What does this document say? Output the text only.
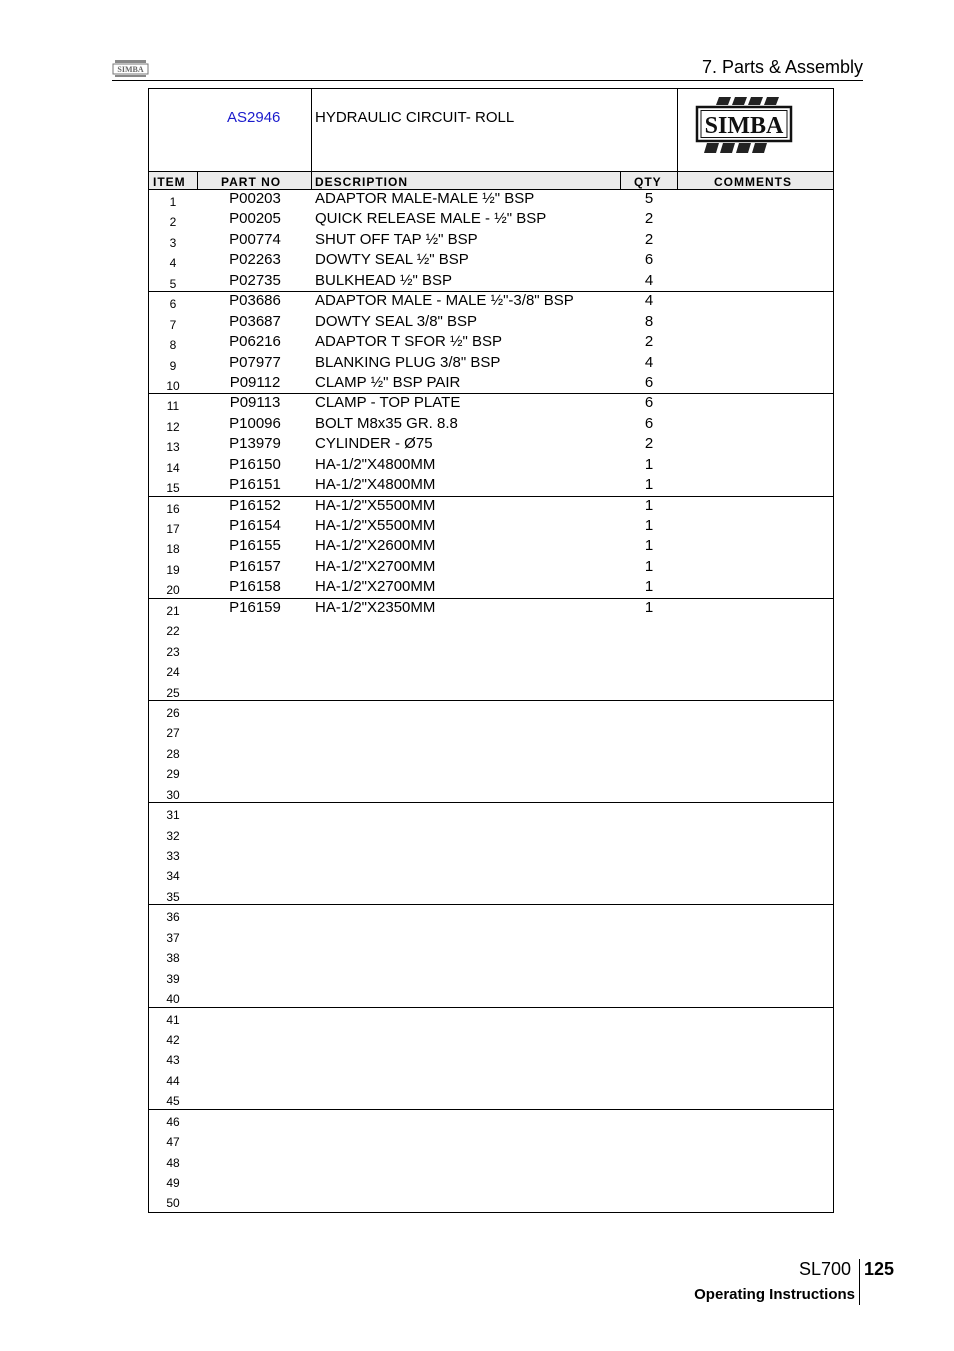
SIMBA	7. Parts & Assembly
AS2946 HYDRAULIC CIRCUIT- ROLL	SIMBA
ITEM	PART NO	DESCRIPTION	QTY	COMMENTS
1	P00203	ADAPTOR MALE-MALE ½" BSP	5
2	P00205	QUICK RELEASE MALE - ½" BSP	2
3	P00774	SHUT OFF TAP ½" BSP	2
4	P02263	DOWTY SEAL ½" BSP	6
5	P02735	BULKHEAD ½" BSP	4
6	P03686	ADAPTOR MALE - MALE ½"-3/8" BSP	4
7	P03687	DOWTY SEAL 3/8" BSP	8
8	P06216	ADAPTOR T SFOR ½" BSP	2
9	P07977	BLANKING PLUG 3/8" BSP	4
10	P09112	CLAMP ½" BSP PAIR	6
11	P09113	CLAMP - TOP PLATE	6
12	P10096	BOLT M8x35 GR. 8.8	6
13	P13979	CYLINDER - Ø75	2
14	P16150	HA-1/2"X4800MM	1
15	P16151	HA-1/2"X4800MM	1
16	P16152	HA-1/2"X5500MM	1
17	P16154	HA-1/2"X5500MM	1
18	P16155	HA-1/2"X2600MM	1
19	P16157	HA-1/2"X2700MM	1
20	P16158	HA-1/2"X2700MM	1
21	P16159	HA-1/2"X2350MM	1
22
23
24
25
26
27
28
29
30
31
32
33
34
35
36
37
38
39
40
41
42
43
44
45
46
47
48
49
50
SL700 125
Operating Instructions
